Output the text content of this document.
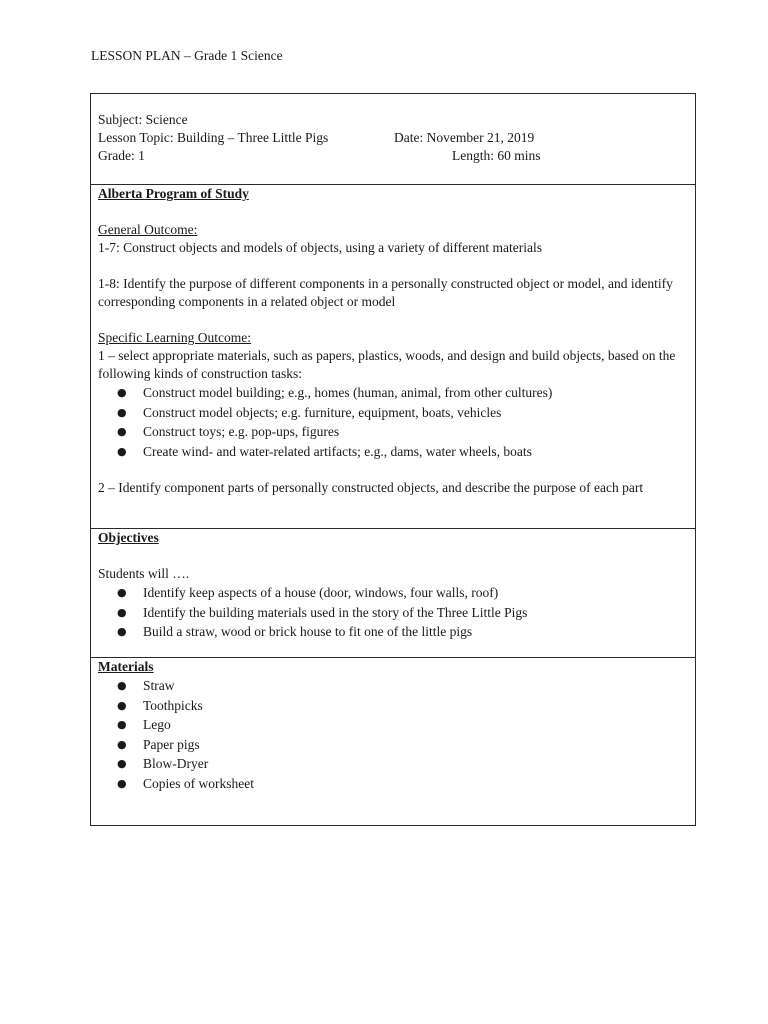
LESSON PLAN – Grade 1 Science
Subject: Science
Lesson Topic: Building – Three Little Pigs	Date: November 21, 2019
Grade: 1	Length: 60 mins

Alberta Program of Study

General Outcome:

1-7: Construct objects and models of objects, using a variety of different materials

1-8: Identify the purpose of different components in a personally constructed object or model, and identify corresponding components in a related object or model

Specific Learning Outcome:

1 – select appropriate materials, such as papers, plastics, woods, and design and build objects, based on the following kinds of construction tasks:

● Construct model building; e.g., homes (human, animal, from other cultures)
● Construct model objects; e.g. furniture, equipment, boats, vehicles
● Construct toys; e.g. pop-ups, figures
● Create wind- and water-related artifacts; e.g., dams, water wheels, boats

2 – Identify component parts of personally constructed objects, and describe the purpose of each part

Objectives

Students will ….

● Identify keep aspects of a house (door, windows, four walls, roof)
● Identify the building materials used in the story of the Three Little Pigs
● Build a straw, wood or brick house to fit one of the little pigs

Materials

● Straw
● Toothpicks
● Lego
● Paper pigs
● Blow-Dryer
● Copies of worksheet
